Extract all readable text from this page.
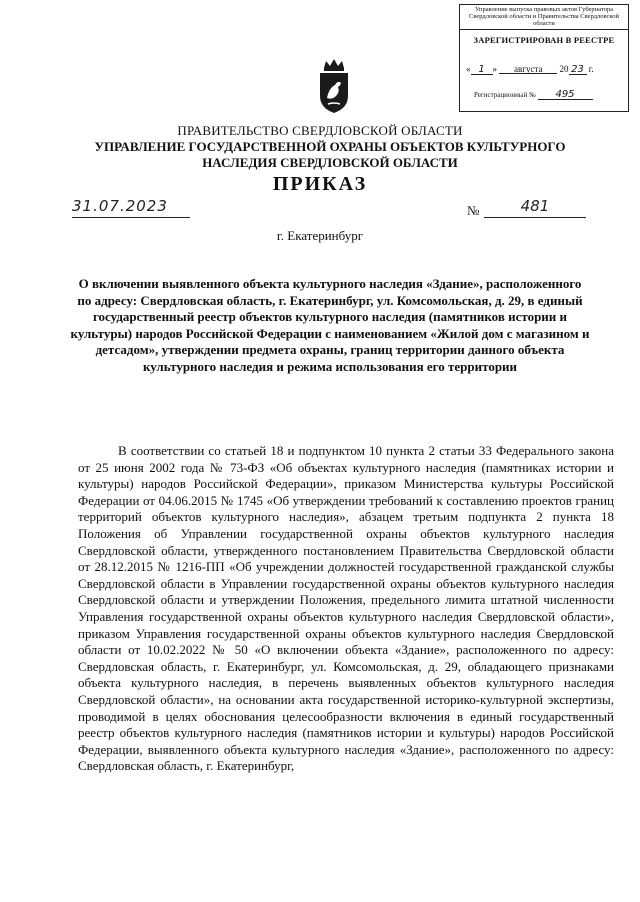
Управление выпуска правовых актов Губернатора Свердловской области и Правительства Свердловской области
ЗАРЕГИСТРИРОВАН В РЕЕСТРЕ
« 1 » августа 20 23 г.
Регистрационный № 495
ПРАВИТЕЛЬСТВО СВЕРДЛОВСКОЙ ОБЛАСТИ
УПРАВЛЕНИЕ ГОСУДАРСТВЕННОЙ ОХРАНЫ ОБЪЕКТОВ КУЛЬТУРНОГО НАСЛЕДИЯ СВЕРДЛОВСКОЙ ОБЛАСТИ
ПРИКАЗ
31.07.2023	№	481
г. Екатеринбург
О включении выявленного объекта культурного наследия «Здание», расположенного по адресу: Свердловская область, г. Екатеринбург, ул. Комсомольская, д. 29, в единый государственный реестр объектов культурного наследия (памятников истории и культуры) народов Российской Федерации с наименованием «Жилой дом с магазином и детсадом», утверждении предмета охраны, границ территории данного объекта культурного наследия и режима использования его территории
В соответствии со статьей 18 и подпунктом 10 пункта 2 статьи 33 Федерального закона от 25 июня 2002 года № 73-ФЗ «Об объектах культурного наследия (памятниках истории и культуры) народов Российской Федерации», приказом Министерства культуры Российской Федерации от 04.06.2015 № 1745 «Об утверждении требований к составлению проектов границ территорий объектов культурного наследия», абзацем третьим подпункта 2 пункта 18 Положения об Управлении государственной охраны объектов культурного наследия Свердловской области, утвержденного постановлением Правительства Свердловской области от 28.12.2015 № 1216-ПП «Об учреждении должностей государственной гражданской службы Свердловской области в Управлении государственной охраны объектов культурного наследия Свердловской области и утверждении Положения, предельного лимита штатной численности Управления государственной охраны объектов культурного наследия Свердловской области», приказом Управления государственной охраны объектов культурного наследия Свердловской области от 10.02.2022 № 50 «О включении объекта «Здание», расположенного по адресу: Свердловская область, г. Екатеринбург, ул. Комсомольская, д. 29, обладающего признаками объекта культурного наследия, в перечень выявленных объектов культурного наследия Свердловской области», на основании акта государственной историко-культурной экспертизы, проводимой в целях обоснования целесообразности включения в единый государственный реестр объектов культурного наследия (памятников истории и культуры) народов Российской Федерации, выявленного объекта культурного наследия «Здание», расположенного по адресу: Свердловская область, г. Екатеринбург,
